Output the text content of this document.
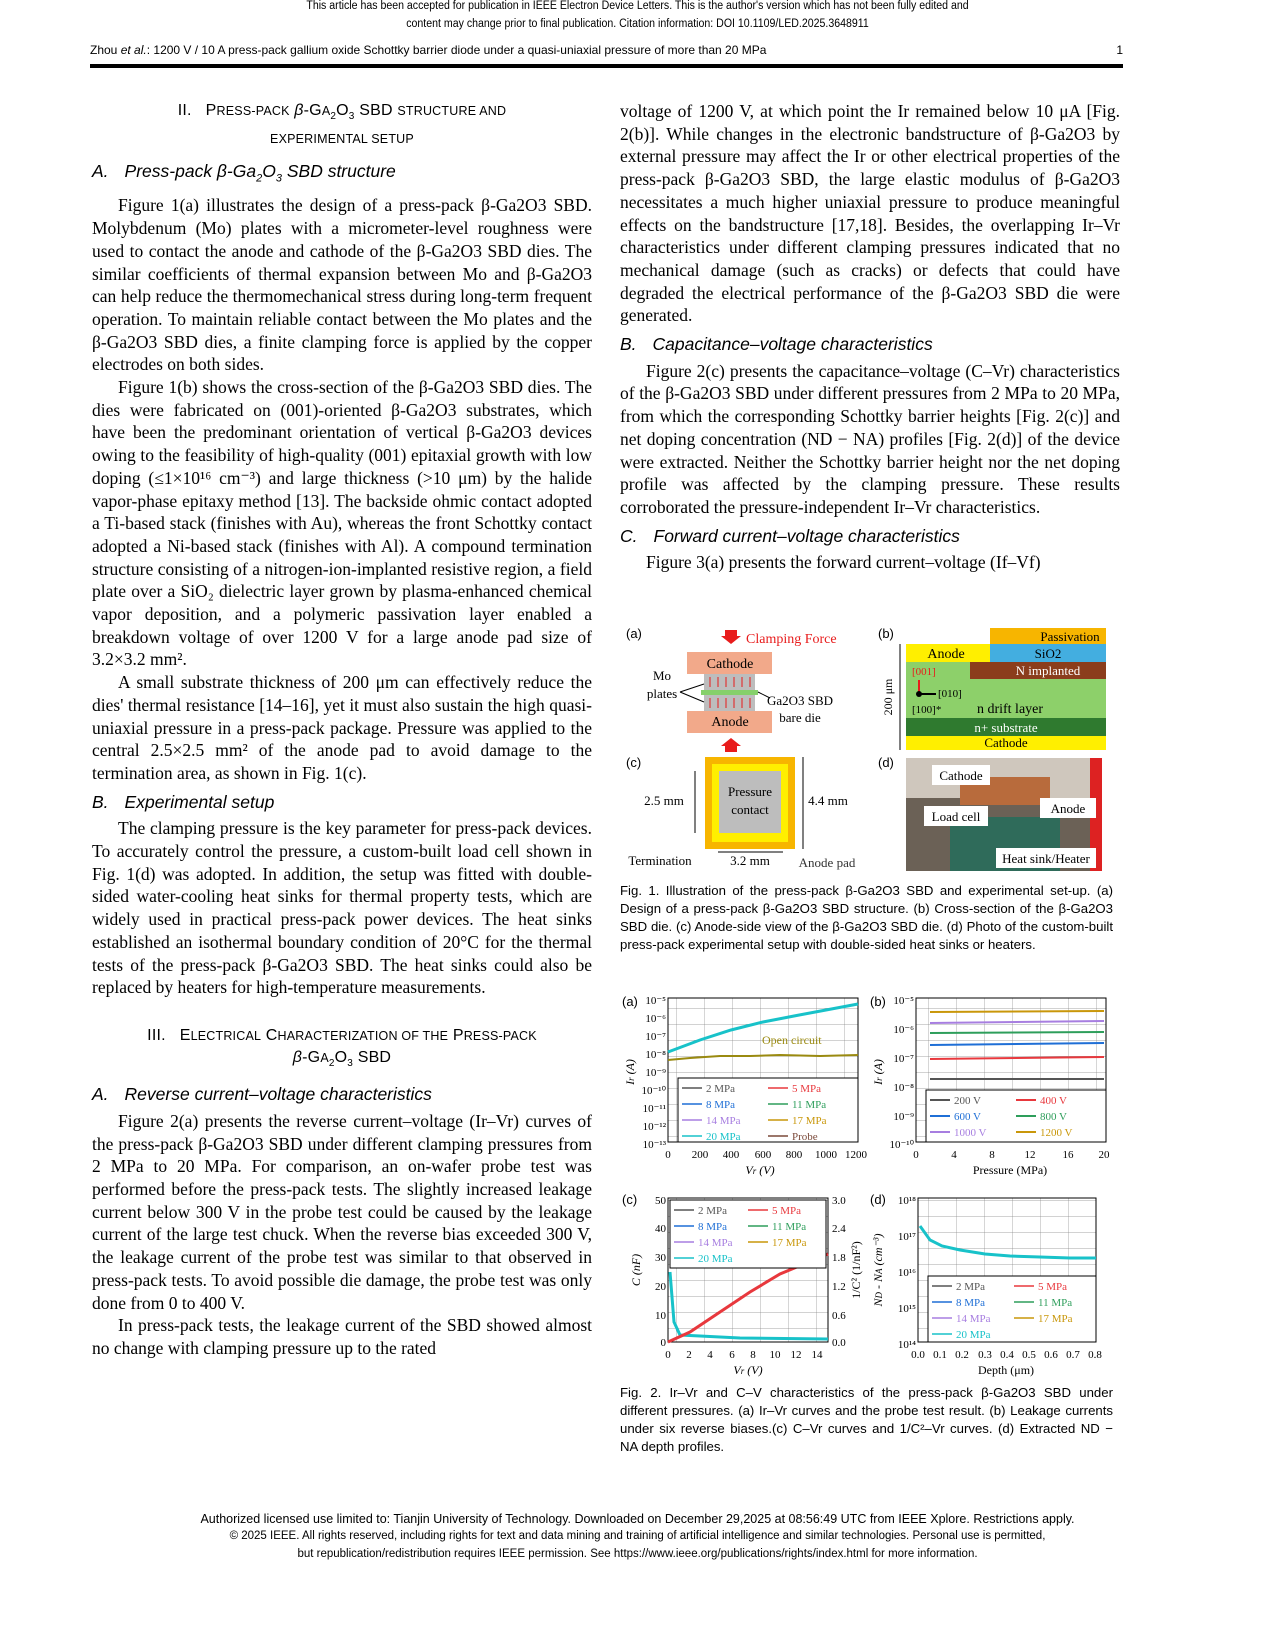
This article has been accepted for publication in IEEE Electron Device Letters. This is the author's version which has not been fully edited and
content may change prior to final publication. Citation information: DOI 10.1109/LED.2025.3648911
Zhou et al.: 1200 V / 10 A press-pack gallium oxide Schottky barrier diode under a quasi-uniaxial pressure of more than 20 MPa	1
II.   PRESS-PACK $\beta-GA_2O_3$ SBD STRUCTURE AND
EXPERIMENTAL SETUP
A. Press-pack $\beta-Ga_2O_3$ SBD structure

Figure 1(a) illustrates the design of a press-pack β-Ga2O3 SBD. Molybdenum (Mo) plates with a micrometer-level roughness were used to contact the anode and cathode of the β-Ga2O3 SBD dies. The similar coefficients of thermal expansion between Mo and β-Ga2O3 can help reduce the thermomechanical stress during long-term frequent operation. To maintain reliable contact between the Mo plates and the β-Ga2O3 SBD dies, a finite clamping force is applied by the copper electrodes on both sides.

Figure 1(b) shows the cross-section of the β-Ga2O3 SBD dies. The dies were fabricated on (001)-oriented β-Ga2O3 substrates, which have been the predominant orientation of vertical β-Ga2O3 devices owing to the feasibility of high-quality (001) epitaxial growth with low doping (≤1×10¹⁶ cm⁻³) and large thickness (>10 μm) by the halide vapor-phase epitaxy method [13]. The backside ohmic contact adopted a Ti-based stack (finishes with Au), whereas the front Schottky contact adopted a Ni-based stack (finishes with Al). A compound termination structure consisting of a nitrogen-ion-implanted resistive region, a field plate over a SiO₂ dielectric layer grown by plasma-enhanced chemical vapor deposition, and a polymeric passivation layer enabled a breakdown voltage of over 1200 V for a large anode pad size of 3.2×3.2 mm².

A small substrate thickness of 200 μm can effectively reduce the dies' thermal resistance [14–16], yet it must also sustain the high quasi-uniaxial pressure in a press-pack package. Pressure was applied to the central 2.5×2.5 mm² of the anode pad to avoid damage to the termination area, as shown in Fig. 1(c).

B. Experimental setup

The clamping pressure is the key parameter for press-pack devices. To accurately control the pressure, a custom-built load cell shown in Fig. 1(d) was adopted. In addition, the setup was fitted with double-sided water-cooling heat sinks for thermal property tests, which are widely used in practical press-pack power devices. The heat sinks established an isothermal boundary condition of 20°C for the thermal tests of the press-pack β-Ga2O3 SBD. The heat sinks could also be replaced by heaters for high-temperature measurements.

III.   ELECTRICAL CHARACTERIZATION OF THE PRESS-PACK
$\beta-GA_2O_3$ SBD
A. Reverse current–voltage characteristics

Figure 2(a) presents the reverse current–voltage (Ir–Vr) curves of the press-pack β-Ga2O3 SBD under different clamping pressures from 2 MPa to 20 MPa. For comparison, an on-wafer probe test was performed before the press-pack tests. The slightly increased leakage current below 300 V in the probe test could be caused by the leakage current of the large test chuck. When the reverse bias exceeded 300 V, the leakage current of the probe test was similar to that observed in press-pack tests. To avoid possible die damage, the probe test was only done from 0 to 400 V.

In press-pack tests, the leakage current of the SBD showed almost no change with clamping pressure up to the rated

voltage of 1200 V, at which point the Ir remained below 10 μA [Fig. 2(b)]. While changes in the electronic bandstructure of β-Ga2O3 by external pressure may affect the Ir or other electrical properties of the press-pack β-Ga2O3 SBD, the large elastic modulus of β-Ga2O3 necessitates a much higher uniaxial pressure to produce meaningful effects on the bandstructure [17,18]. Besides, the overlapping Ir–Vr characteristics under different clamping pressures indicated that no mechanical damage (such as cracks) or defects that could have degraded the electrical performance of the β-Ga2O3 SBD die were generated.

B. Capacitance–voltage characteristics

Figure 2(c) presents the capacitance–voltage (C–Vr) characteristics of the β-Ga2O3 SBD under different pressures from 2 MPa to 20 MPa, from which the corresponding Schottky barrier heights [Fig. 2(c)] and net doping concentration (ND − NA) profiles [Fig. 2(d)] of the device were extracted. Neither the Schottky barrier height nor the net doping profile was affected by the clamping pressure. These results corroborated the pressure-independent Ir–Vr characteristics.

C. Forward current–voltage characteristics

Figure 3(a) presents the forward current–voltage (If–Vf)

(a)	Clamping Force
Cathode
Anode
Mo
plates	Ga2O3 SBD
bare die
(b)	Passivation
Anode	SiO2
N implanted
[001]
[010]
[100]*	n drift layer
n+ substrate
Cathode
200 μm
(c)
Pressure
contact
2.5 mm	4.4 mm
3.2 mm
Termination	Anode pad
(d)
Cathode
Anode
Load cell
Heat sink/Heater
Fig. 1. Illustration of the press-pack β-Ga2O3 SBD and experimental set-up. (a) Design of a press-pack β-Ga2O3 SBD structure. (b) Cross-section of the β-Ga2O3 SBD die. (c) Anode-side view of the β-Ga2O3 SBD die. (d) Photo of the custom-built press-pack experimental setup with double-sided heat sinks or heaters.
(a) 10⁻⁵
10⁻⁶
10⁻⁷
10⁻⁸
10⁻⁹
10⁻¹⁰
10⁻¹¹
10⁻¹²
10⁻¹³
0 200 400 600 800 1000 1200
Vr (V)
Ir (A)
Open circuit
2 MPa	5 MPa
8 MPa	11 MPa
14 MPa	17 MPa
20 MPa	Probe
(b) 10⁻⁵
10⁻⁶
10⁻⁷
10⁻⁸
10⁻⁹
10⁻¹⁰
0	4	8	12 16 20
Pressure (MPa)
Ir (A)
200 V	400 V
600 V	800 V
1000 V	1200 V
(c) 50
40
30
20
10
0
3.0
2.4
1.8
1.2
0.6
0.0
0 2 4 6 8 10 12 14
Vr (V)
C (nF)	1/C² (1/nF²)
2 MPa	5 MPa
8 MPa	11 MPa
14 MPa	17 MPa
20 MPa
(d) 10¹⁸
10¹⁷
10¹⁶
10¹⁵
10¹⁴
0.0 0.1 0.2 0.3 0.4 0.5 0.6 0.7 0.8
Depth (μm)
ND - NA (cm⁻³)
2 MPa	5 MPa
8 MPa	11 MPa
14 MPa	17 MPa
20 MPa
Fig. 2. Ir–Vr and C–V characteristics of the press-pack β-Ga2O3 SBD under different pressures. (a) Ir–Vr curves and the probe test result. (b) Leakage currents under six reverse biases.(c) C–Vr curves and 1/C²–Vr curves. (d) Extracted ND − NA depth profiles.
Authorized licensed use limited to: Tianjin University of Technology. Downloaded on December 29,2025 at 08:56:49 UTC from IEEE Xplore. Restrictions apply.
© 2025 IEEE. All rights reserved, including rights for text and data mining and training of artificial intelligence and similar technologies. Personal use is permitted,
but republication/redistribution requires IEEE permission. See https://www.ieee.org/publications/rights/index.html for more information.
